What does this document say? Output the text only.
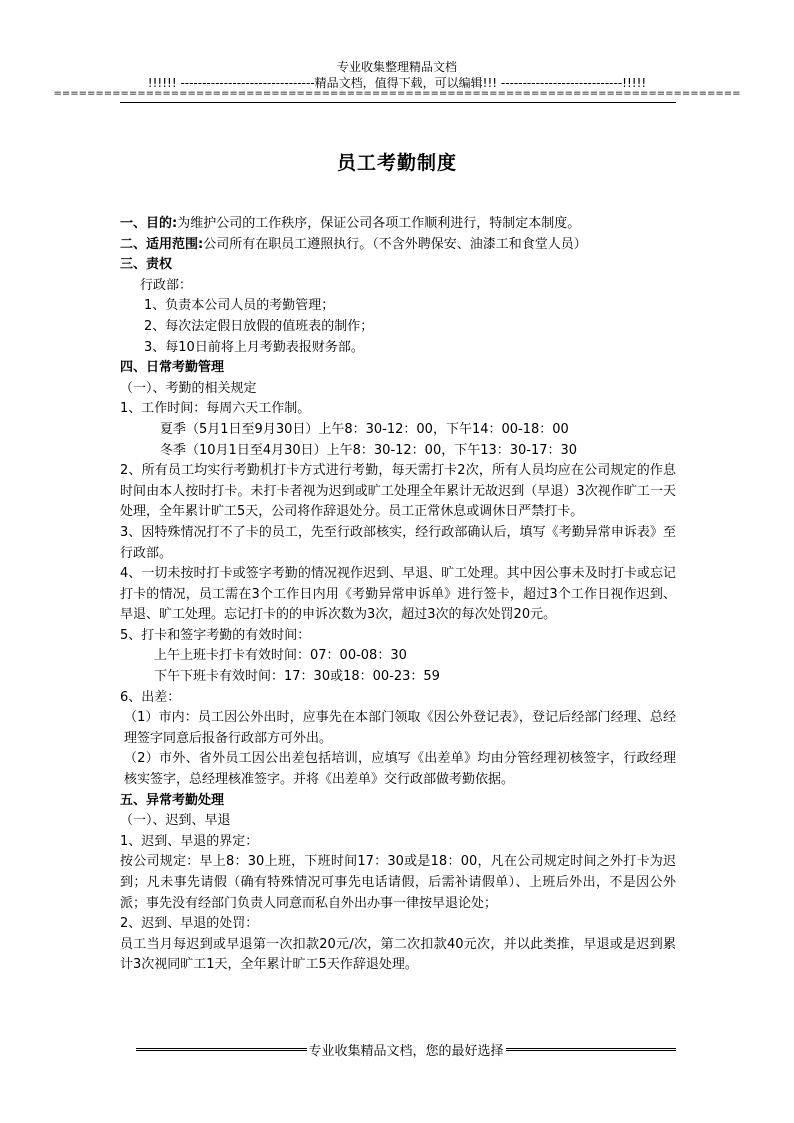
专业收集整理精品文档
!!!!!! -------------------------------精品文档，值得下载，可以编辑!!! ----------------------------!!!!!
==================================================================================
员工考勤制度

一、目的:为维护公司的工作秩序，保证公司各项工作顺利进行，特制定本制度。

二、适用范围:公司所有在职员工遵照执行。（不含外聘保安、油漆工和食堂人员）

三、责权

行政部：

1、负责本公司人员的考勤管理；

2、每次法定假日放假的值班表的制作；

3、每10日前将上月考勤表报财务部。

四、日常考勤管理

（一）、考勤的相关规定

1、工作时间：每周六天工作制。

夏季（5月1日至9月30日）上午8：30-12：00，下午14：00-18：00

冬季（10月1日至4月30日）上午8：30-12：00，下午13：30-17：30

2、所有员工均实行考勤机打卡方式进行考勤，每天需打卡2次，所有人员均应在公司规定的作息时间由本人按时打卡。未打卡者视为迟到或旷工处理全年累计无故迟到（早退）3次视作旷工一天处理，全年累计旷工5天，公司将作辞退处分。员工正常休息或调休日严禁打卡。

3、因特殊情况打不了卡的员工，先至行政部核实，经行政部确认后，填写《考勤异常申诉表》至行政部。

4、一切未按时打卡或签字考勤的情况视作迟到、早退、旷工处理。其中因公事未及时打卡或忘记打卡的情况，员工需在3个工作日内用《考勤异常申诉单》进行签卡，超过3个工作日视作迟到、早退、旷工处理。忘记打卡的的申诉次数为3次，超过3次的每次处罚20元。

5、打卡和签字考勤的有效时间：

上午上班卡打卡有效时间：07：00-08：30

下午下班卡有效时间：17：30或18：00-23：59

6、出差：

（1）市内：员工因公外出时，应事先在本部门领取《因公外登记表》，登记后经部门经理、总经理签字同意后报备行政部方可外出。

（2）市外、省外员工因公出差包括培训，应填写《出差单》均由分管经理初核签字，行政经理核实签字，总经理核准签字。并将《出差单》交行政部做考勤依据。

五、异常考勤处理

（一）、迟到、早退

1、迟到、早退的界定：

按公司规定：早上8：30上班，下班时间17：30或是18：00，凡在公司规定时间之外打卡为迟到；凡未事先请假（确有特殊情况可事先电话请假，后需补请假单）、上班后外出，不是因公外派；事先没有经部门负责人同意而私自外出办事一律按早退论处；

2、迟到、早退的处罚：

员工当月每迟到或早退第一次扣款20元/次，第二次扣款40元次，并以此类推，早退或是迟到累计3次视同旷工1天，全年累计旷工5天作辞退处理。

专业收集精品文档，您的最好选择
